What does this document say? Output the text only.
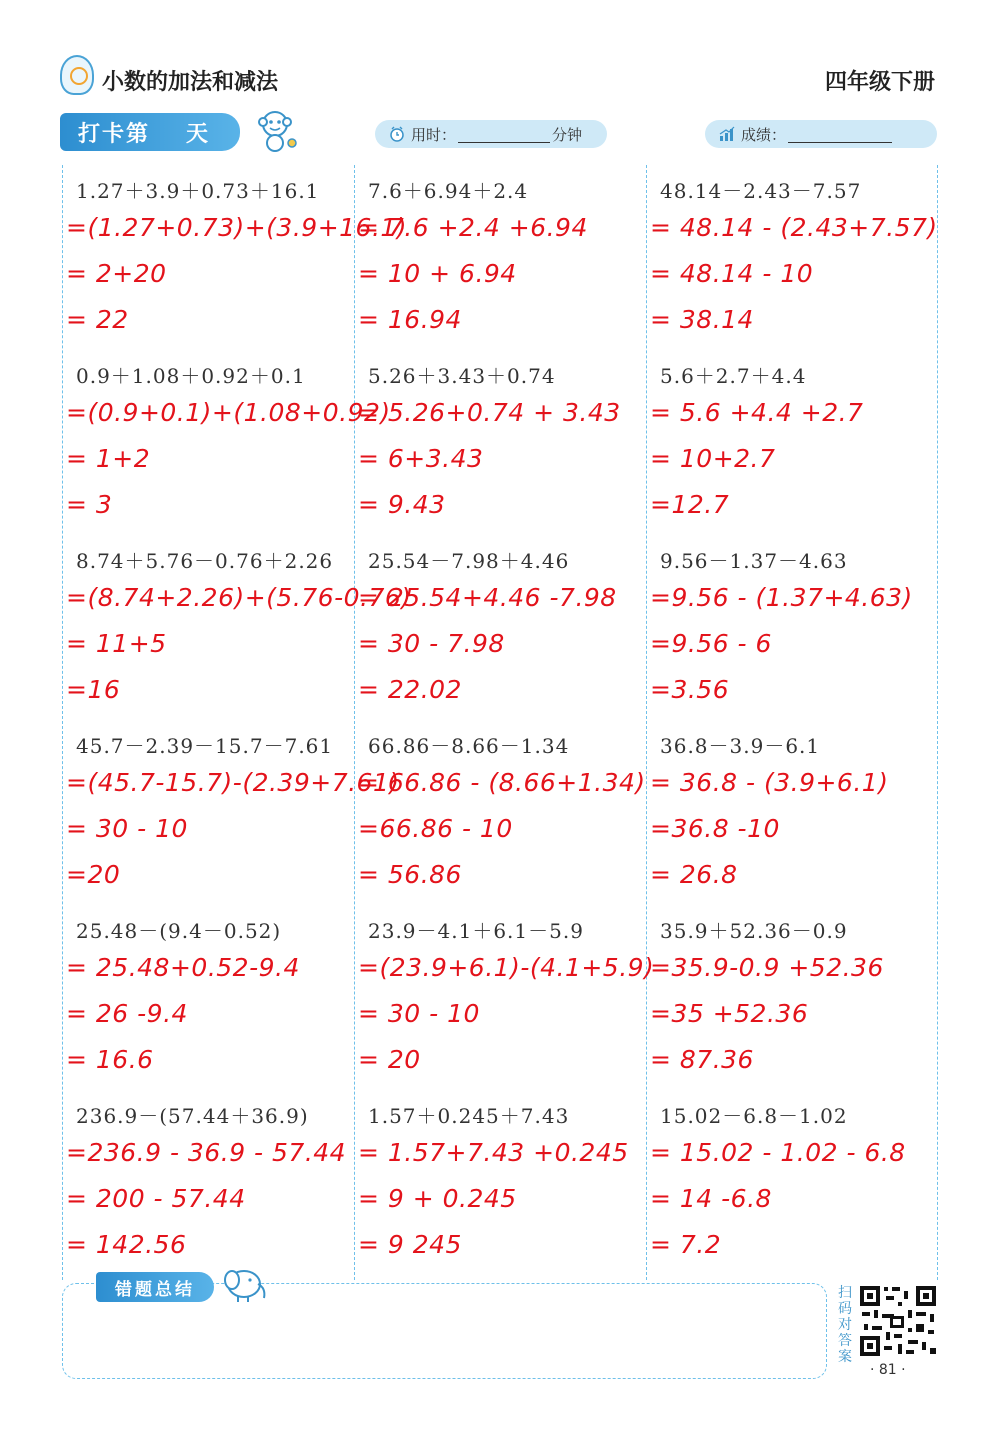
小数的加法和减法	四年级下册
打卡第 天	用时：	分钟	成绩：
1.27＋3.9＋0.73＋16.1
=(1.27+0.73)+(3.9+16.1)
= 2+20
= 22
7.6＋6.94＋2.4
= 7.6 +2.4 +6.94
= 10 + 6.94
= 16.94
48.14－2.43－7.57
= 48.14 - (2.43+7.57)
= 48.14 - 10
= 38.14
0.9＋1.08＋0.92＋0.1
=(0.9+0.1)+(1.08+0.92)
= 1+2
= 3
5.26＋3.43＋0.74
= 5.26+0.74 + 3.43
= 6+3.43
= 9.43
5.6＋2.7＋4.4
= 5.6 +4.4 +2.7
= 10+2.7
=12.7
8.74＋5.76－0.76＋2.26
=(8.74+2.26)+(5.76-0.76)
= 11+5
=16
25.54－7.98＋4.46
= 25.54+4.46 -7.98
= 30 - 7.98
= 22.02
9.56－1.37－4.63
=9.56 - (1.37+4.63)
=9.56 - 6
=3.56
45.7－2.39－15.7－7.61
=(45.7-15.7)-(2.39+7.61)
= 30 - 10
=20
66.86－8.66－1.34
= 66.86 - (8.66+1.34)
=66.86 - 10
= 56.86
36.8－3.9－6.1
= 36.8 - (3.9+6.1)
=36.8 -10
= 26.8
25.48－(9.4－0.52)
= 25.48+0.52-9.4
= 26 -9.4
= 16.6
23.9－4.1＋6.1－5.9
=(23.9+6.1)-(4.1+5.9)
= 30 - 10
= 20
35.9＋52.36－0.9
=35.9-0.9 +52.36
=35 +52.36
= 87.36
236.9－(57.44＋36.9)
=236.9 - 36.9 - 57.44
= 200 - 57.44
= 142.56
1.57＋0.245＋7.43
= 1.57+7.43 +0.245
= 9 + 0.245
= 9 245
15.02－6.8－1.02
= 15.02 - 1.02 - 6.8
= 14 -6.8
= 7.2
错题总结	扫码对答案
· 81 ·
